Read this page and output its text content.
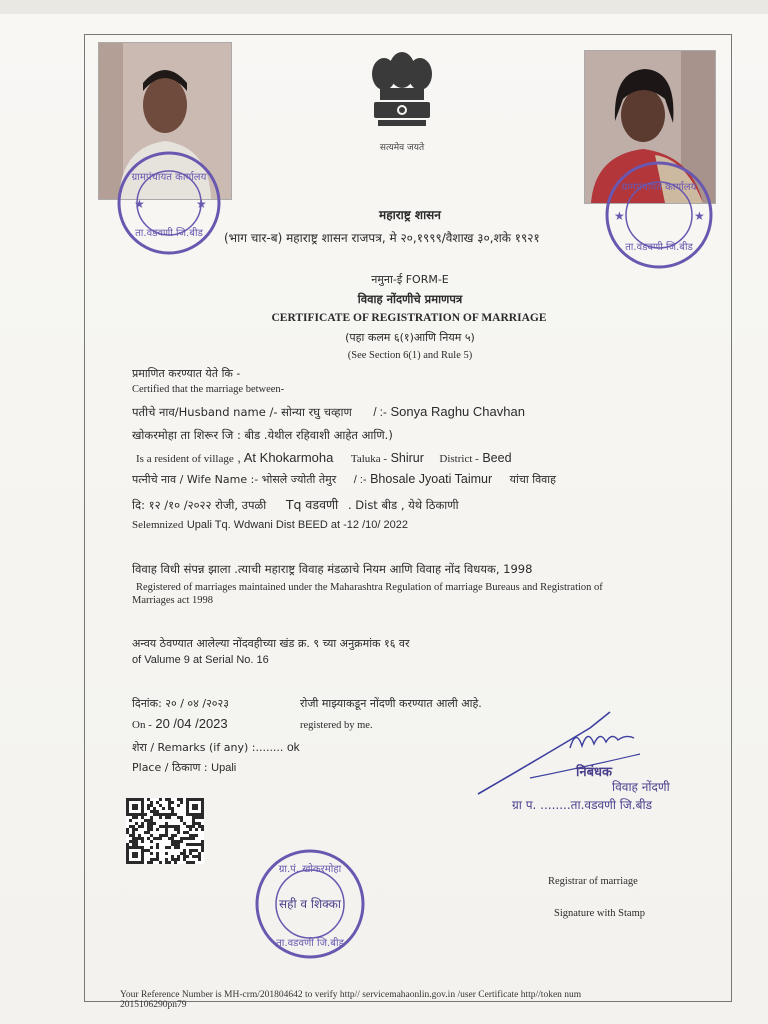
सत्यमेव जयते
ग्रामपंचायत कार्यालय
ता.वडवणी जि.बीड
★	★
ग्रामपंचायत कार्यालय
ता.वडवणी जि.बीड
★	★
ग्रा.पं. खोकरमोहा
सही व शिक्का
ता.वडवणी जि.बीड
महाराष्ट्र शासन
(भाग चार-ब) महाराष्ट्र शासन राजपत्र, मे २०,१९९९/वैशाख ३०,शके १९२१
नमुना-ई FORM-E
विवाह नोंदणीचे प्रमाणपत्र
CERTIFICATE OF REGISTRATION OF MARRIAGE
(पहा कलम ६(१)आणि नियम ५)
(See Section 6(1) and Rule 5)
प्रमाणित करण्यात येते कि -
Certified that the marriage between-
पतीचे नाव/Husband name /- सोन्या रघु चव्हाण / :- Sonya Raghu Chavhan
खोकरमोहा ता शिरूर जि : बीड .येथील रहिवाशी आहेत आणि.)
Is a resident of village , At Khokarmoha Taluka - Shirur District - Beed
पत्नीचे नाव / Wife Name :- भोसले ज्योती तेमुर / :- Bhosale Jyoati Taimur यांचा विवाह
दि: १२ /१० /२०२२ रोजी, उपळी Tq वडवणी . Dist बीड , येथे ठिकाणी
Selemnized Upali Tq. Wdwani Dist BEED at -12 /10/ 2022
विवाह विधी संपन्न झाला .त्याची महाराष्ट्र विवाह मंडळाचे नियम आणि विवाह नोंद विधयक, 1998
Registered of marriages maintained under the Maharashtra Regulation of marriage Bureaus and Registration of
Marriages act 1998
अन्वय ठेवण्यात आलेल्या नोंदवहीच्या खंड क्र. ९ च्या अनुक्रमांक १६ वर
of Valume 9 at Serial No. 16
दिनांक: २० / ०४ /२०२३	रोजी माझ्याकडून नोंदणी करण्यात आली आहे.
On - 20 /04 /2023	registered by me.
शेरा / Remarks (if any) :........ ok
Place / ठिकाण : Upali	निबंधक
विवाह नोंदणी
ग्रा प. ........ता.वडवणी जि.बीड
Registrar of marriage
Signature with Stamp
Your Reference Number is MH-crm/201804642 to verify http// servicemahaonlin.gov.in /user Certificate http//token num
2015106290pn79
